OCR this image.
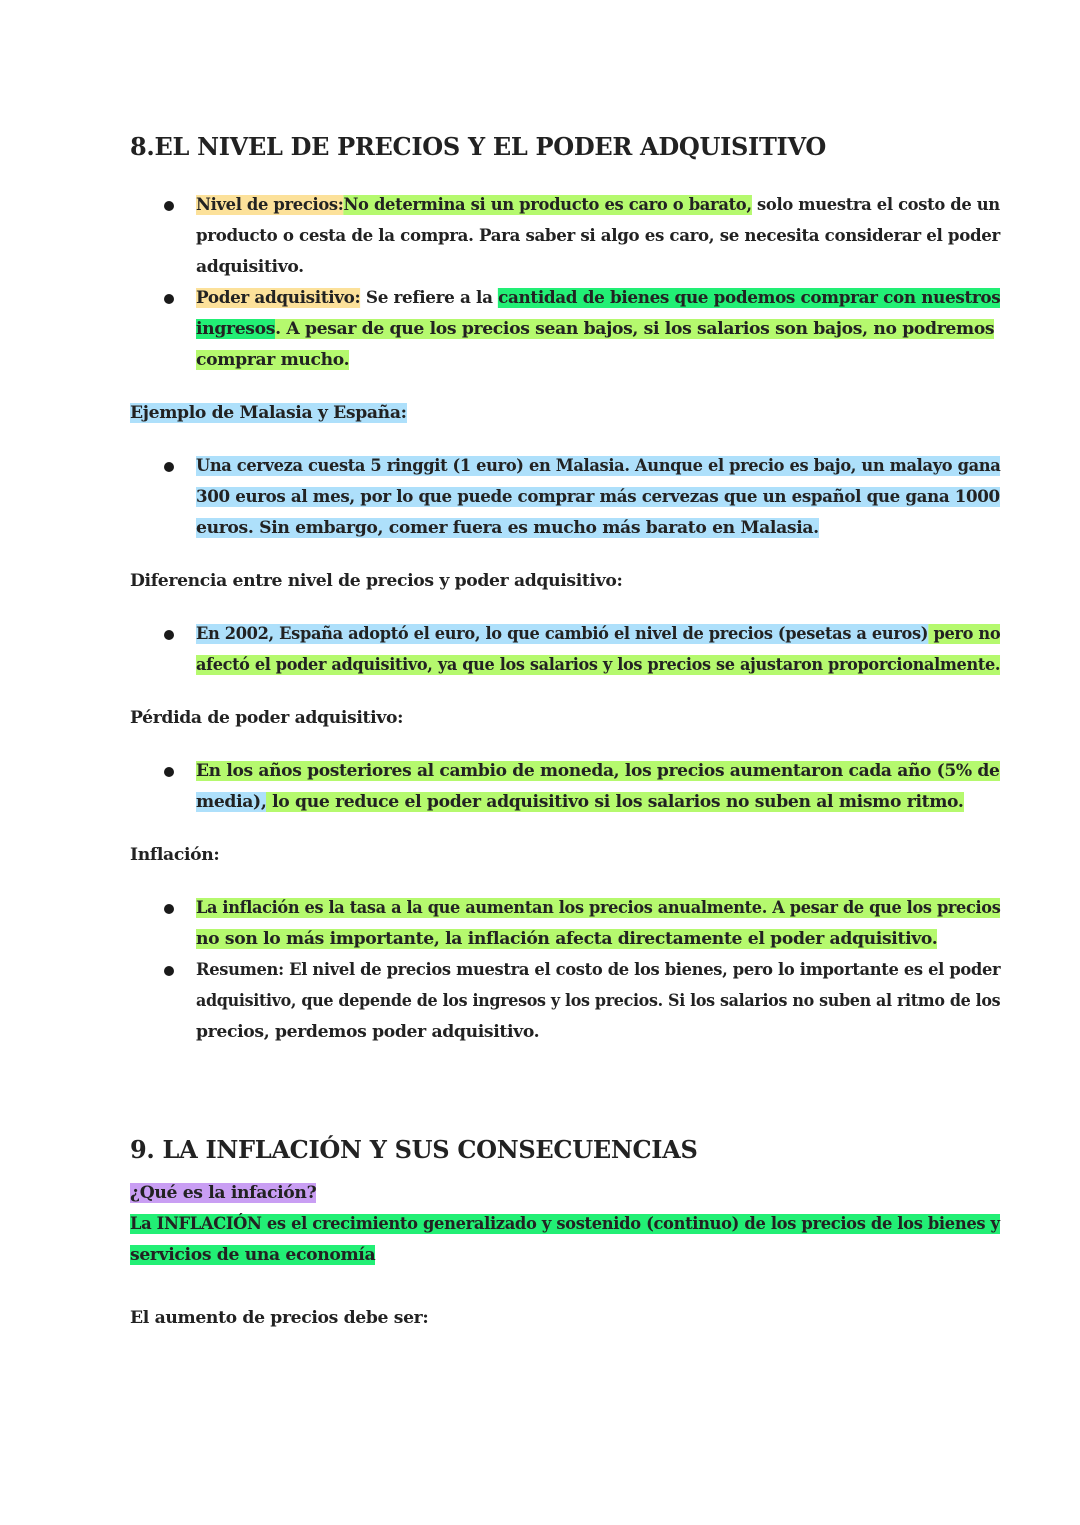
8.EL NIVEL DE PRECIOS Y EL PODER ADQUISITIVO

Nivel de precios:No determina si un producto es caro o barato, solo muestra el costo de un

producto o cesta de la compra. Para saber si algo es caro, se necesita considerar el poder

adquisitivo.

Poder adquisitivo: Se refiere a la cantidad de bienes que podemos comprar con nuestros

ingresos. A pesar de que los precios sean bajos, si los salarios son bajos, no podremos

comprar mucho.

Ejemplo de Malasia y España:

Una cerveza cuesta 5 ringgit (1 euro) en Malasia. Aunque el precio es bajo, un malayo gana

300 euros al mes, por lo que puede comprar más cervezas que un español que gana 1000

euros. Sin embargo, comer fuera es mucho más barato en Malasia.

Diferencia entre nivel de precios y poder adquisitivo:

En 2002, España adoptó el euro, lo que cambió el nivel de precios (pesetas a euros) pero no

afectó el poder adquisitivo, ya que los salarios y los precios se ajustaron proporcionalmente.

Pérdida de poder adquisitivo:

En los años posteriores al cambio de moneda, los precios aumentaron cada año (5% de

media), lo que reduce el poder adquisitivo si los salarios no suben al mismo ritmo.

Inflación:

La inflación es la tasa a la que aumentan los precios anualmente. A pesar de que los precios

no son lo más importante, la inflación afecta directamente el poder adquisitivo.

Resumen: El nivel de precios muestra el costo de los bienes, pero lo importante es el poder

adquisitivo, que depende de los ingresos y los precios. Si los salarios no suben al ritmo de los

precios, perdemos poder adquisitivo.

9. LA INFLACIÓN Y SUS CONSECUENCIAS

¿Qué es la infación?

La INFLACIÓN es el crecimiento generalizado y sostenido (continuo) de los precios de los bienes y

servicios de una economía

El aumento de precios debe ser:
